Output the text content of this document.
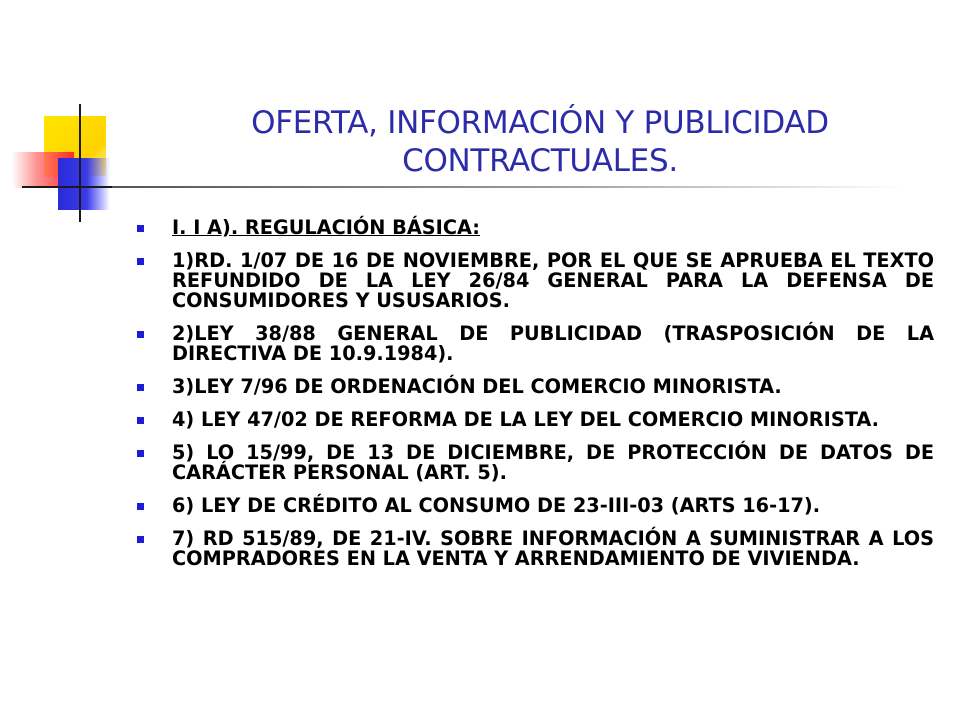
OFERTA, INFORMACIÓN Y PUBLICIDAD
CONTRACTUALES.
I. I A). REGULACIÓN BÁSICA:
1)RD. 1/07 DE 16 DE NOVIEMBRE, POR EL QUE SE APRUEBA EL TEXTO REFUNDIDO DE LA LEY 26/84 GENERAL PARA LA DEFENSA DE CONSUMIDORES Y USUSARIOS.
2)LEY 38/88 GENERAL DE PUBLICIDAD (TRASPOSICIÓN DE LA DIRECTIVA DE 10.9.1984).
3)LEY 7/96 DE ORDENACIÓN DEL COMERCIO MINORISTA.
4) LEY 47/02 DE REFORMA DE LA LEY DEL COMERCIO MINORISTA.
5) LO 15/99, DE 13 DE DICIEMBRE, DE PROTECCIÓN DE DATOS DE CARÁCTER PERSONAL (ART. 5).
6) LEY DE CRÉDITO AL CONSUMO DE 23-III-03 (ARTS 16-17).
7) RD 515/89, DE 21-IV. SOBRE INFORMACIÓN A SUMINISTRAR A LOS COMPRADORES EN LA VENTA Y ARRENDAMIENTO DE VIVIENDA.
